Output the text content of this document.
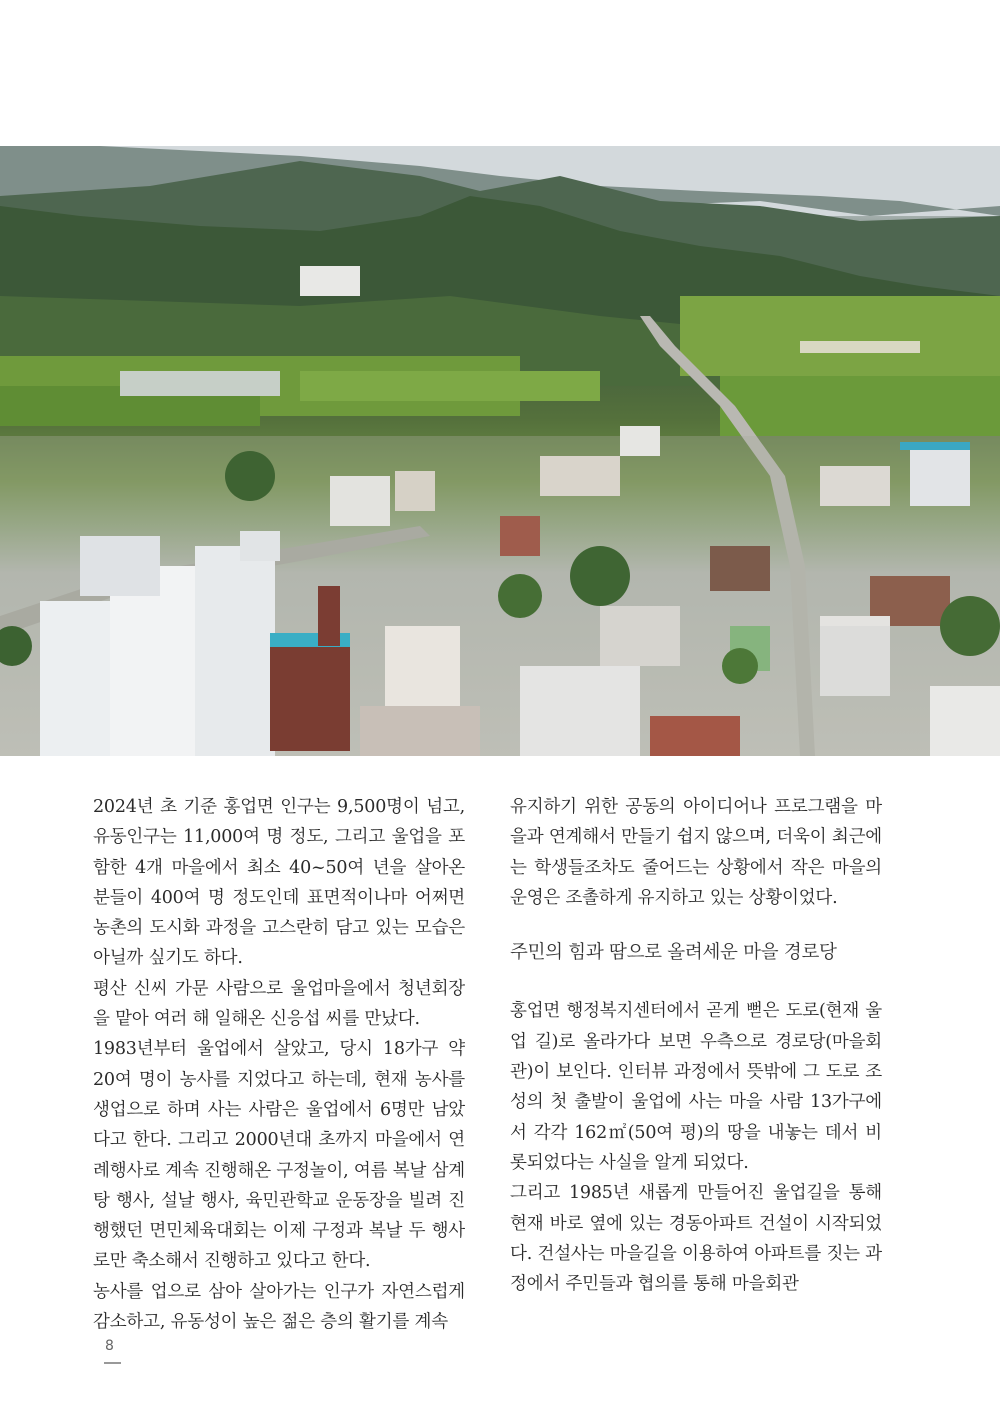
2024년 초 기준 홍업면 인구는 9,500명이 넘고, 유동인구는 11,000여 명 정도, 그리고 울업을 포함한 4개 마을에서 최소 40~50여 년을 살아온 분들이 400여 명 정도인데 표면적이나마 어쩌면 농촌의 도시화 과정을 고스란히 담고 있는 모습은 아닐까 싶기도 하다.

평산 신씨 가문 사람으로 울업마을에서 청년회장을 맡아 여러 해 일해온 신응섭 씨를 만났다.

1983년부터 울업에서 살았고, 당시 18가구 약 20여 명이 농사를 지었다고 하는데, 현재 농사를 생업으로 하며 사는 사람은 울업에서 6명만 남았다고 한다. 그리고 2000년대 초까지 마을에서 연례행사로 계속 진행해온 구정놀이, 여름 복날 삼계탕 행사, 설날 행사, 육민관학교 운동장을 빌려 진행했던 면민체육대회는 이제 구정과 복날 두 행사로만 축소해서 진행하고 있다고 한다.

농사를 업으로 삼아 살아가는 인구가 자연스럽게 감소하고, 유동성이 높은 젊은 층의 활기를 계속

유지하기 위한 공동의 아이디어나 프로그램을 마을과 연계해서 만들기 쉽지 않으며, 더욱이 최근에는 학생들조차도 줄어드는 상황에서 작은 마을의 운영은 조촐하게 유지하고 있는 상황이었다.

주민의 힘과 땀으로 올려세운 마을 경로당

홍업면 행정복지센터에서 곧게 뻗은 도로(현재 울업 길)로 올라가다 보면 우측으로 경로당(마을회관)이 보인다. 인터뷰 과정에서 뜻밖에 그 도로 조성의 첫 출발이 울업에 사는 마을 사람 13가구에서 각각 162㎡(50여 평)의 땅을 내놓는 데서 비롯되었다는 사실을 알게 되었다.

그리고 1985년 새롭게 만들어진 울업길을 통해 현재 바로 옆에 있는 경동아파트 건설이 시작되었다. 건설사는 마을길을 이용하여 아파트를 짓는 과정에서 주민들과 협의를 통해 마을회관

8
